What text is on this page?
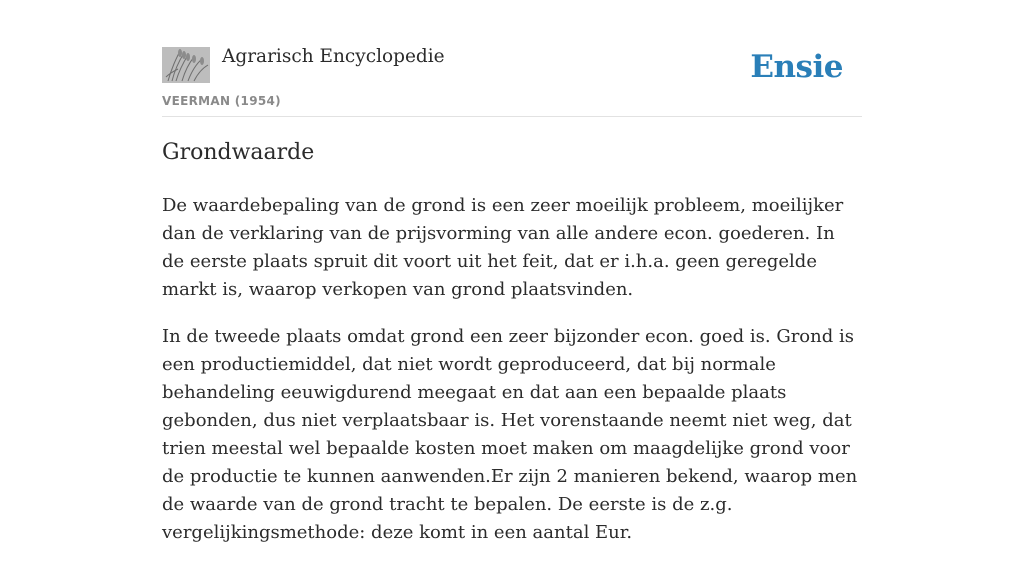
Agrarisch Encyclopedie	Ensie
VEERMAN (1954)
Grondwaarde

De waardebepaling van de grond is een zeer moeilijk probleem, moeilijker dan de verklaring van de prijsvorming van alle andere econ. goederen. In de eerste plaats spruit dit voort uit het feit, dat er i.h.a. geen geregelde markt is, waarop verkopen van grond plaatsvinden.

In de tweede plaats omdat grond een zeer bijzonder econ. goed is. Grond is een productiemiddel, dat niet wordt geproduceerd, dat bij normale behandeling eeuwigdurend meegaat en dat aan een bepaalde plaats gebonden, dus niet verplaatsbaar is. Het vorenstaande neemt niet weg, dat trien meestal wel bepaalde kosten moet maken om maagdelijke grond voor de productie te kunnen aanwenden.Er zijn 2 manieren bekend, waarop men de waarde van de grond tracht te bepalen. De eerste is de z.g. vergelijkingsmethode: deze komt in een aantal Eur.
